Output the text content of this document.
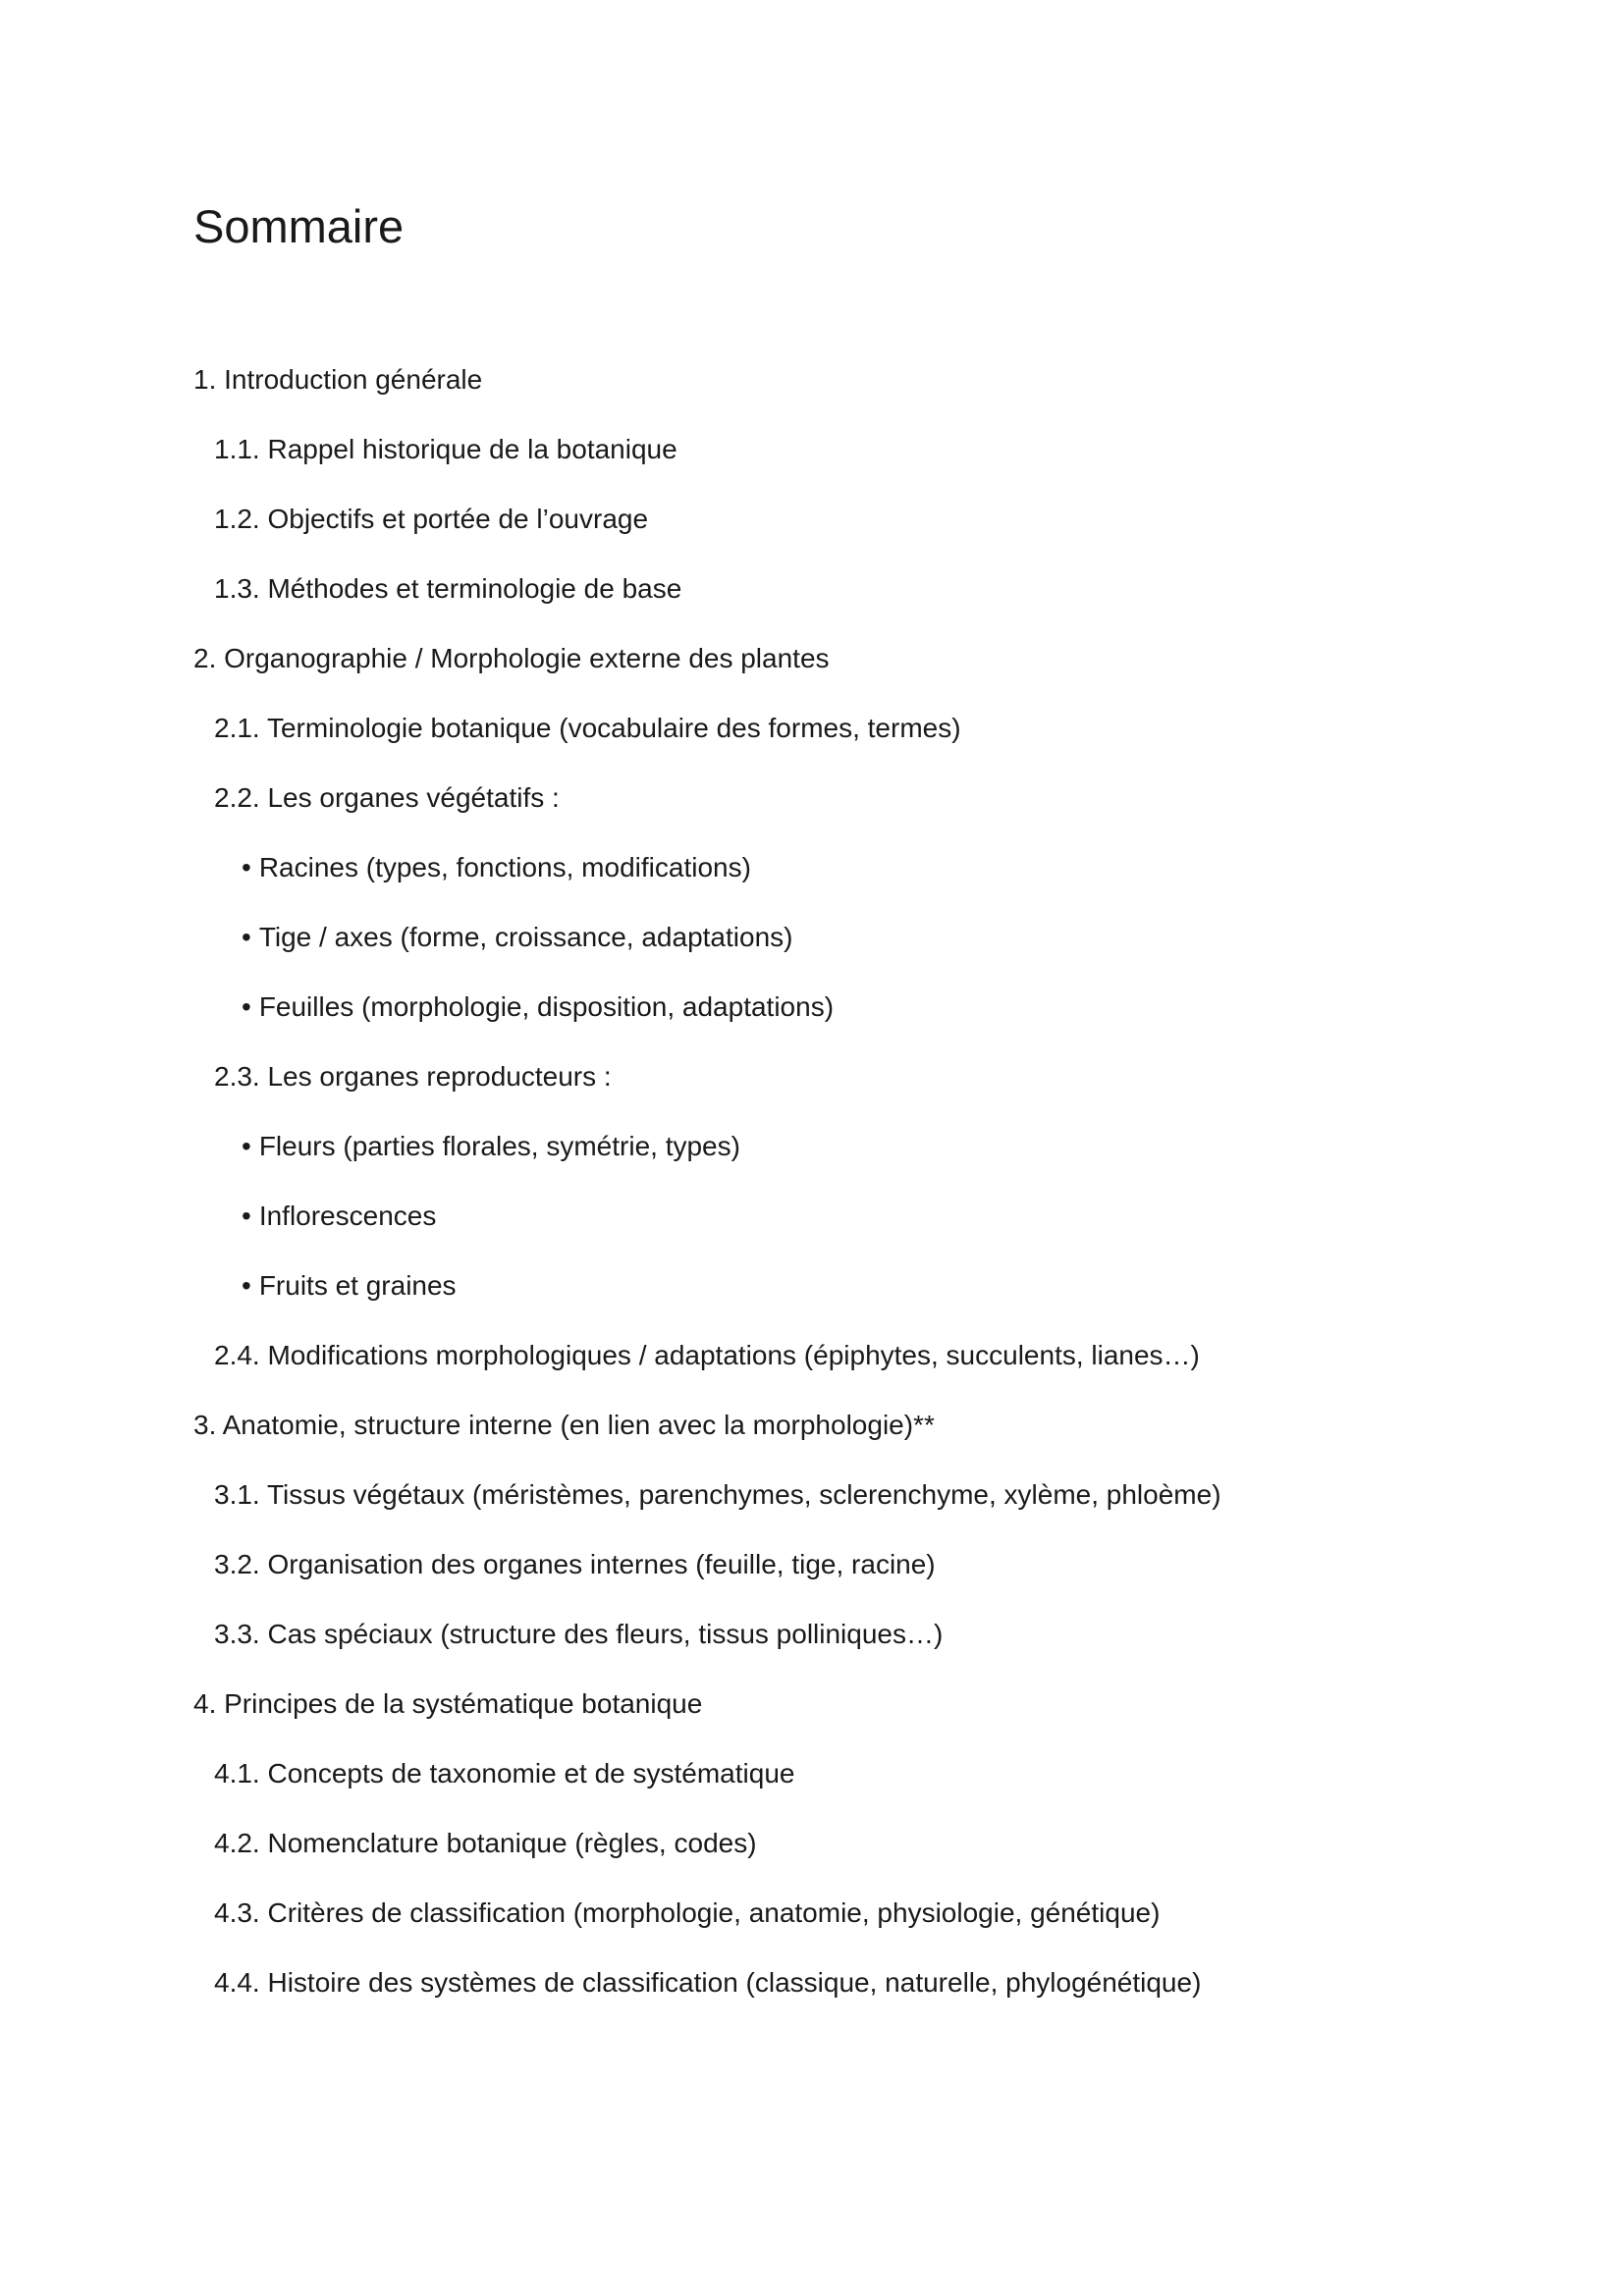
Sommaire
1. Introduction générale
1.1. Rappel historique de la botanique
1.2. Objectifs et portée de l’ouvrage
1.3. Méthodes et terminologie de base
2. Organographie / Morphologie externe des plantes
2.1. Terminologie botanique (vocabulaire des formes, termes)
2.2. Les organes végétatifs :
• Racines (types, fonctions, modifications)
• Tige / axes (forme, croissance, adaptations)
• Feuilles (morphologie, disposition, adaptations)
2.3. Les organes reproducteurs :
• Fleurs (parties florales, symétrie, types)
• Inflorescences
• Fruits et graines
2.4. Modifications morphologiques / adaptations (épiphytes, succulents, lianes…)
3. Anatomie, structure interne (en lien avec la morphologie)**
3.1. Tissus végétaux (méristèmes, parenchymes, sclerenchyme, xylème, phloème)
3.2. Organisation des organes internes (feuille, tige, racine)
3.3. Cas spéciaux (structure des fleurs, tissus polliniques…)
4. Principes de la systématique botanique
4.1. Concepts de taxonomie et de systématique
4.2. Nomenclature botanique (règles, codes)
4.3. Critères de classification (morphologie, anatomie, physiologie, génétique)
4.4. Histoire des systèmes de classification (classique, naturelle, phylogénétique)
